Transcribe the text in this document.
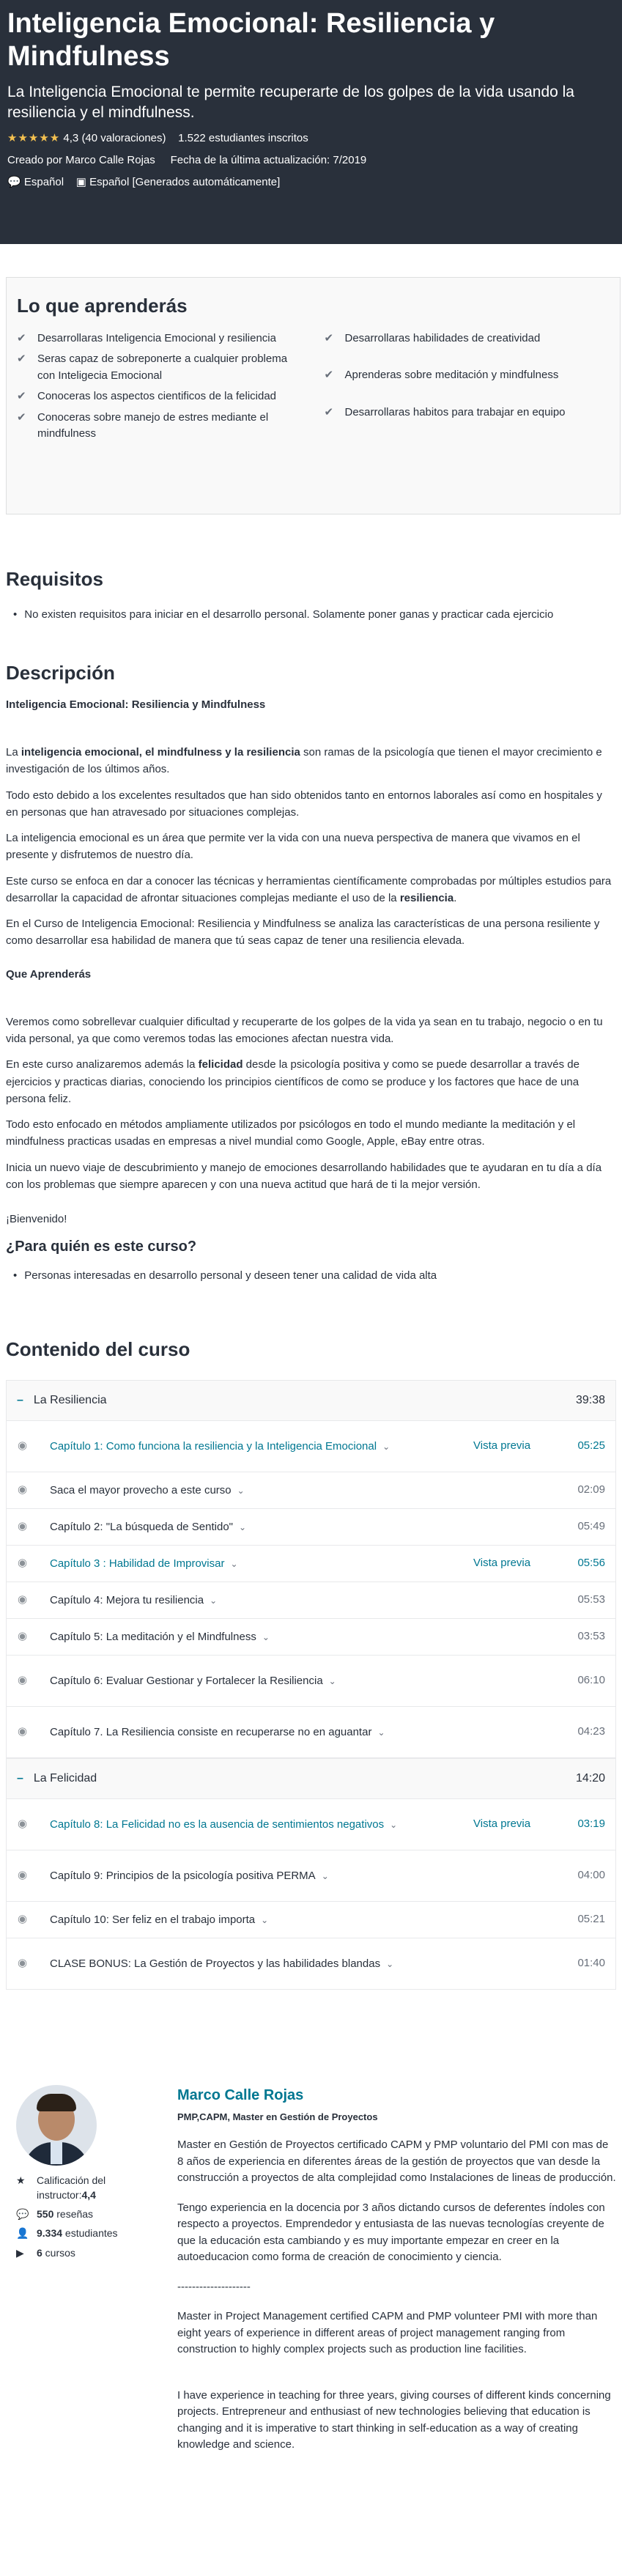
Inteligencia Emocional: Resiliencia y Mindfulness
La Inteligencia Emocional te permite recuperarte de los golpes de la vida usando la resiliencia y el mindfulness.
★★★★★ 4,3 (40 valoraciones) 1.522 estudiantes inscritos
Creado por Marco Calle Rojas Fecha de la última actualización: 7/2019
💬 Español ▣ Español [Generados automáticamente]
Lo que aprenderás
✔	Desarrollaras Inteligencia Emocional y resiliencia
✔	Seras capaz de sobreponerte a cualquier problema con Inteligecia Emocional
✔	Conoceras los aspectos cientificos de la felicidad
✔	Conoceras sobre manejo de estres mediante el mindfulness
✔	Desarrollaras habilidades de creatividad
✔	Aprenderas sobre meditación y mindfulness
✔	Desarrollaras habitos para trabajar en equipo
Requisitos
• No existen requisitos para iniciar en el desarrollo personal. Solamente poner ganas y practicar cada ejercicio
Descripción

Inteligencia Emocional: Resiliencia y Mindfulness

La inteligencia emocional, el mindfulness y la resiliencia son ramas de la psicología que tienen el mayor crecimiento e investigación de los últimos años.

Todo esto debido a los excelentes resultados que han sido obtenidos tanto en entornos laborales así como en hospitales y en personas que han atravesado por situaciones complejas.

La inteligencia emocional es un área que permite ver la vida con una nueva perspectiva de manera que vivamos en el presente y disfrutemos de nuestro día.

Este curso se enfoca en dar a conocer las técnicas y herramientas científicamente comprobadas por múltiples estudios para desarrollar la capacidad de afrontar situaciones complejas mediante el uso de la resiliencia.

En el Curso de Inteligencia Emocional: Resiliencia y Mindfulness se analiza las características de una persona resiliente y como desarrollar esa habilidad de manera que tú seas capaz de tener una resiliencia elevada.

Que Aprenderás

Veremos como sobrellevar cualquier dificultad y recuperarte de los golpes de la vida ya sean en tu trabajo, negocio o en tu vida personal, ya que como veremos todas las emociones afectan nuestra vida.

En este curso analizaremos además la felicidad desde la psicología positiva y como se puede desarrollar a través de ejercicios y practicas diarias, conociendo los principios científicos de como se produce y los factores que hace de una persona feliz.

Todo esto enfocado en métodos ampliamente utilizados por psicólogos en todo el mundo mediante la meditación y el mindfulness practicas usadas en empresas a nivel mundial como Google, Apple, eBay entre otras.

Inicia un nuevo viaje de descubrimiento y manejo de emociones desarrollando habilidades que te ayudaran en tu día a día con los problemas que siempre aparecen y con una nueva actitud que hará de ti la mejor versión.

¡Bienvenido!

¿Para quién es este curso?
• Personas interesadas en desarrollo personal y deseen tener una calidad de vida alta
Contenido del curso
– La Resiliencia	39:38
◉	Capítulo 1: Como funciona la resiliencia y la Inteligencia Emocional ⌄	Vista previa	05:25
◉	Saca el mayor provecho a este curso ⌄	02:09
◉	Capítulo 2: "La búsqueda de Sentido" ⌄	05:49
◉	Capítulo 3 : Habilidad de Improvisar ⌄	Vista previa	05:56
◉	Capítulo 4: Mejora tu resiliencia ⌄	05:53
◉	Capítulo 5: La meditación y el Mindfulness ⌄	03:53
◉	Capítulo 6: Evaluar Gestionar y Fortalecer la Resiliencia ⌄	06:10
◉	Capítulo 7. La Resiliencia consiste en recuperarse no en aguantar ⌄	04:23
– La Felicidad	14:20
◉	Capítulo 8: La Felicidad no es la ausencia de sentimientos negativos ⌄	Vista previa	03:19
◉	Capítulo 9: Principios de la psicología positiva PERMA ⌄	04:00
◉	Capítulo 10: Ser feliz en el trabajo importa ⌄	05:21
◉	CLASE BONUS: La Gestión de Proyectos y las habilidades blandas ⌄	01:40
★	Calificación del instructor:4,4
💬 550 reseñas
👤 9.334 estudiantes
▶	6 cursos
Marco Calle Rojas
PMP,CAPM, Master en Gestión de Proyectos

Master en Gestión de Proyectos certificado CAPM y PMP voluntario del PMI con mas de 8 años de experiencia en diferentes áreas de la gestión de proyectos que van desde la construcción a proyectos de alta complejidad como Instalaciones de lineas de producción.

Tengo experiencia en la docencia por 3 años dictando cursos de deferentes índoles con respecto a proyectos. Emprendedor y entusiasta de las nuevas tecnologías creyente de que la educación esta cambiando y es muy importante empezar en creer en la autoeducacion como forma de creación de conocimiento y ciencia.

--------------------

Master in Project Management certified CAPM and PMP volunteer PMI with more than eight years of experience in different areas of project management ranging from construction to highly complex projects such as production line facilities.

I have experience in teaching for three years, giving courses of different kinds concerning projects. Entrepreneur and enthusiast of new technologies believing that education is changing and it is imperative to start thinking in self-education as a way of creating knowledge and science.
